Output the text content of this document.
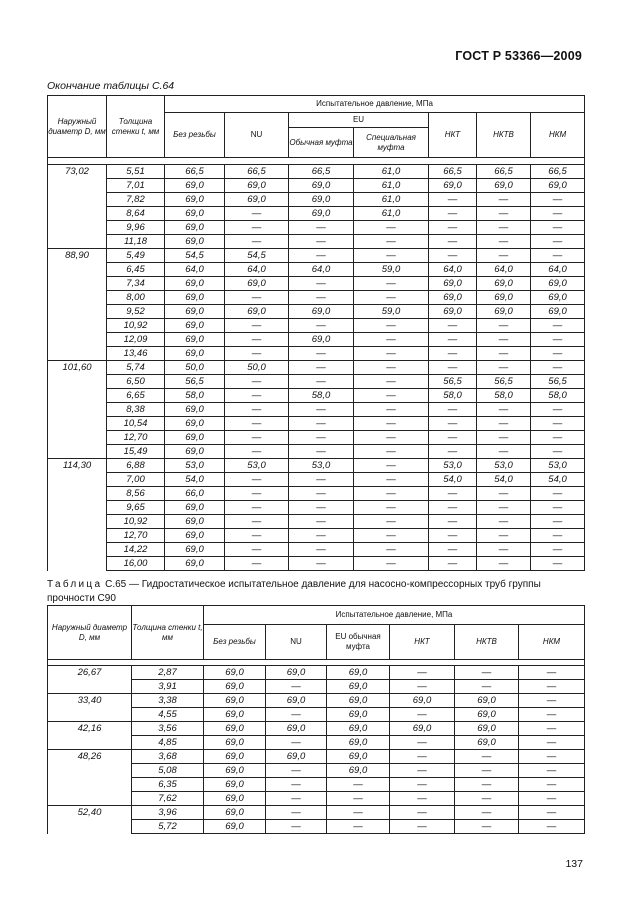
ГОСТ Р 53366—2009
Окончание таблицы С.64
Наружный диаметр D, мм	Толщина стенки t, мм	Испытательное давление, МПа						
		Без резьбы	NU	EU		НКТ	НКТВ	НКМ
				Обычная муфта	Специальная муфта			

73,02	5,51	66,5	66,5	66,5	61,0	66,5	66,5	66,5
	7,01	69,0	69,0	69,0	61,0	69,0	69,0	69,0
	7,82	69,0	69,0	69,0	61,0	—	—	—
	8,64	69,0	—	69,0	61,0	—	—	—
	9,96	69,0	—	—	—	—	—	—
	11,18	69,0	—	—	—	—	—	—
88,90	5,49	54,5	54,5	—	—	—	—	—
	6,45	64,0	64,0	64,0	59,0	64,0	64,0	64,0
	7,34	69,0	69,0	—	—	69,0	69,0	69,0
	8,00	69,0	—	—	—	69,0	69,0	69,0
	9,52	69,0	69,0	69,0	59,0	69,0	69,0	69,0
	10,92	69,0	—	—	—	—	—	—
	12,09	69,0	—	69,0	—	—	—	—
	13,46	69,0	—	—	—	—	—	—
101,60	5,74	50,0	50,0	—	—	—	—	—
	6,50	56,5	—	—	—	56,5	56,5	56,5
	6,65	58,0	—	58,0	—	58,0	58,0	58,0
	8,38	69,0	—	—	—	—	—	—
	10,54	69,0	—	—	—	—	—	—
	12,70	69,0	—	—	—	—	—	—
	15,49	69,0	—	—	—	—	—	—
114,30	6,88	53,0	53,0	53,0	—	53,0	53,0	53,0
	7,00	54,0	—	—	—	54,0	54,0	54,0
	8,56	66,0	—	—	—	—	—	—
	9,65	69,0	—	—	—	—	—	—
	10,92	69,0	—	—	—	—	—	—
	12,70	69,0	—	—	—	—	—	—
	14,22	69,0	—	—	—	—	—	—
	16,00	69,0	—	—	—	—	—	—
Таблица С.65 — Гидростатическое испытательное давление для насосно-компрессорных труб группы прочности С90
Наружный диаметр D, мм	Толщина стенки t, мм	Испытательное давление, МПа					
		Без резьбы	NU	EU обычная муфта	НКТ	НКТВ	НКМ

26,67	2,87	69,0	69,0	69,0	—	—	—
	3,91	69,0	—	69,0	—	—	—
33,40	3,38	69,0	69,0	69,0	69,0	69,0	—
	4,55	69,0	—	69,0	—	69,0	—
42,16	3,56	69,0	69,0	69,0	69,0	69,0	—
	4,85	69,0	—	69,0	—	69,0	—
48,26	3,68	69,0	69,0	69,0	—	—	—
	5,08	69,0	—	69,0	—	—	—
	6,35	69,0	—	—	—	—	—
	7,62	69,0	—	—	—	—	—
52,40	3,96	69,0	—	—	—	—	—
	5,72	69,0	—	—	—	—	—
137
